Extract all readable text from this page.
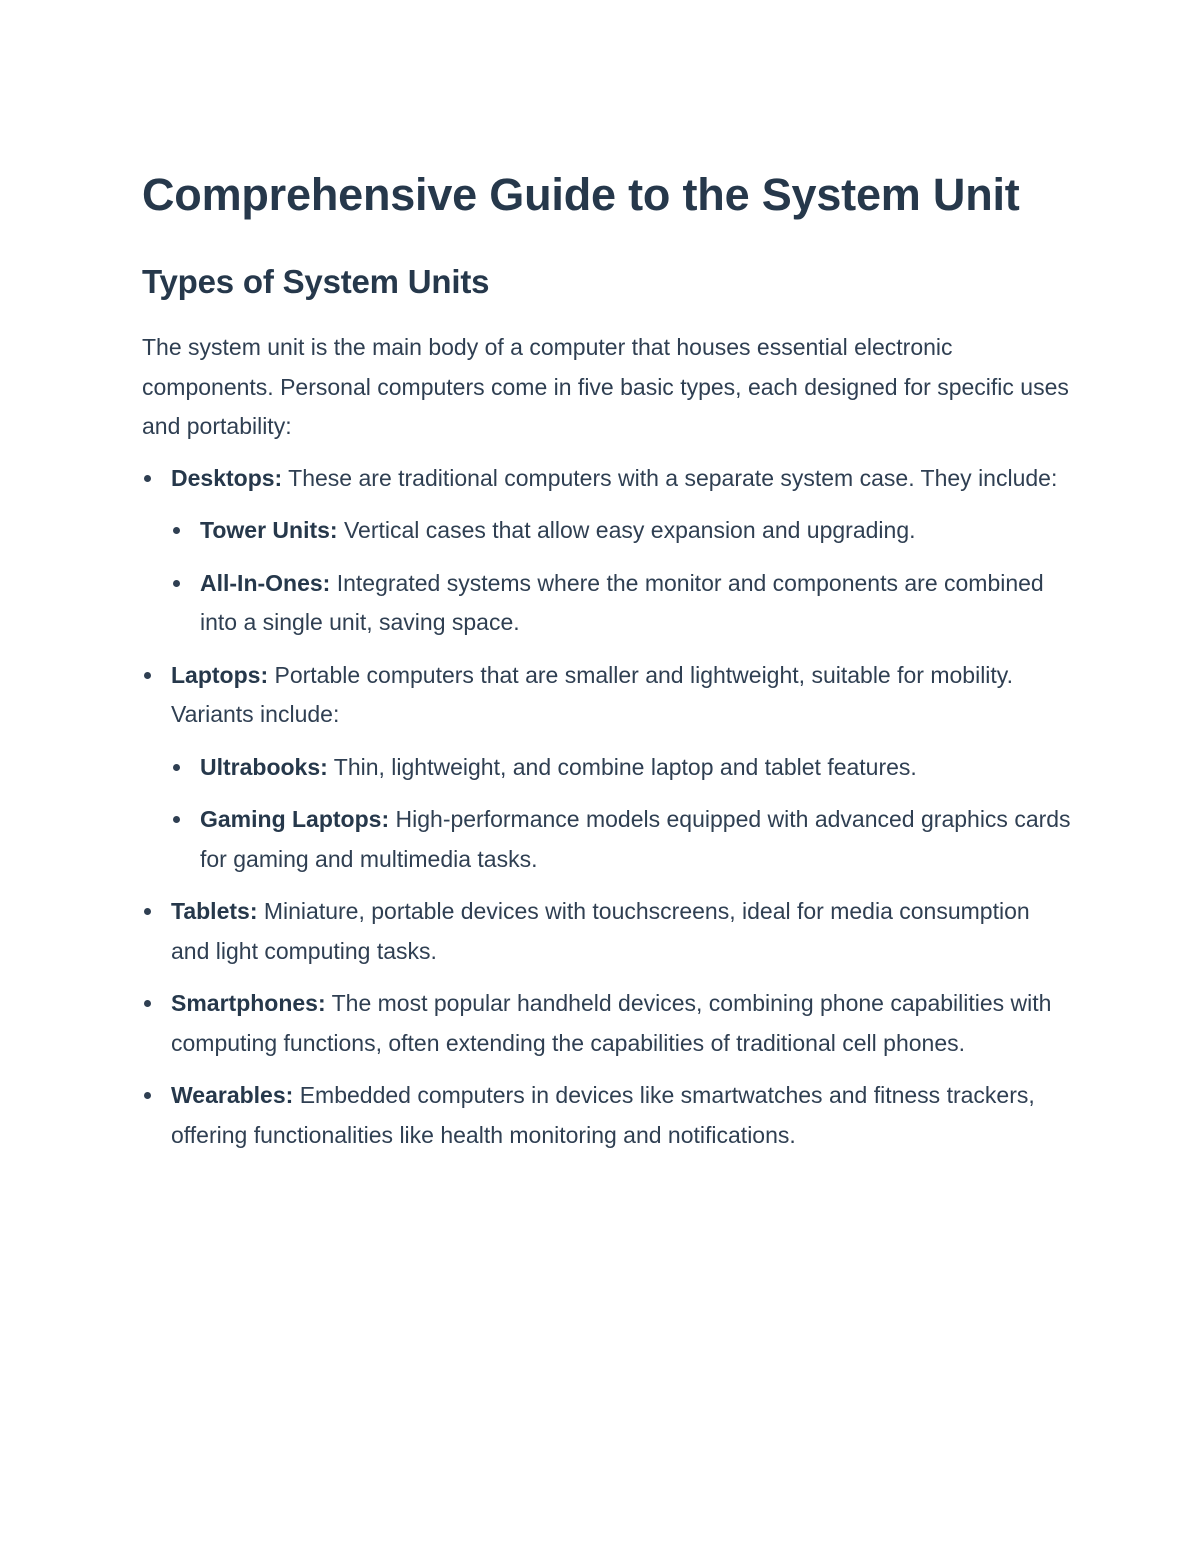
Comprehensive Guide to the System Unit
Types of System Units

The system unit is the main body of a computer that houses essential electronic components. Personal computers come in five basic types, each designed for specific uses and portability:

Desktops: These are traditional computers with a separate system case. They include:
Tower Units: Vertical cases that allow easy expansion and upgrading.
All-In-Ones: Integrated systems where the monitor and components are combined into a single unit, saving space.
Laptops: Portable computers that are smaller and lightweight, suitable for mobility. Variants include:
Ultrabooks: Thin, lightweight, and combine laptop and tablet features.
Gaming Laptops: High-performance models equipped with advanced graphics cards for gaming and multimedia tasks.
Tablets: Miniature, portable devices with touchscreens, ideal for media consumption and light computing tasks.
Smartphones: The most popular handheld devices, combining phone capabilities with computing functions, often extending the capabilities of traditional cell phones.
Wearables: Embedded computers in devices like smartwatches and fitness trackers, offering functionalities like health monitoring and notifications.
